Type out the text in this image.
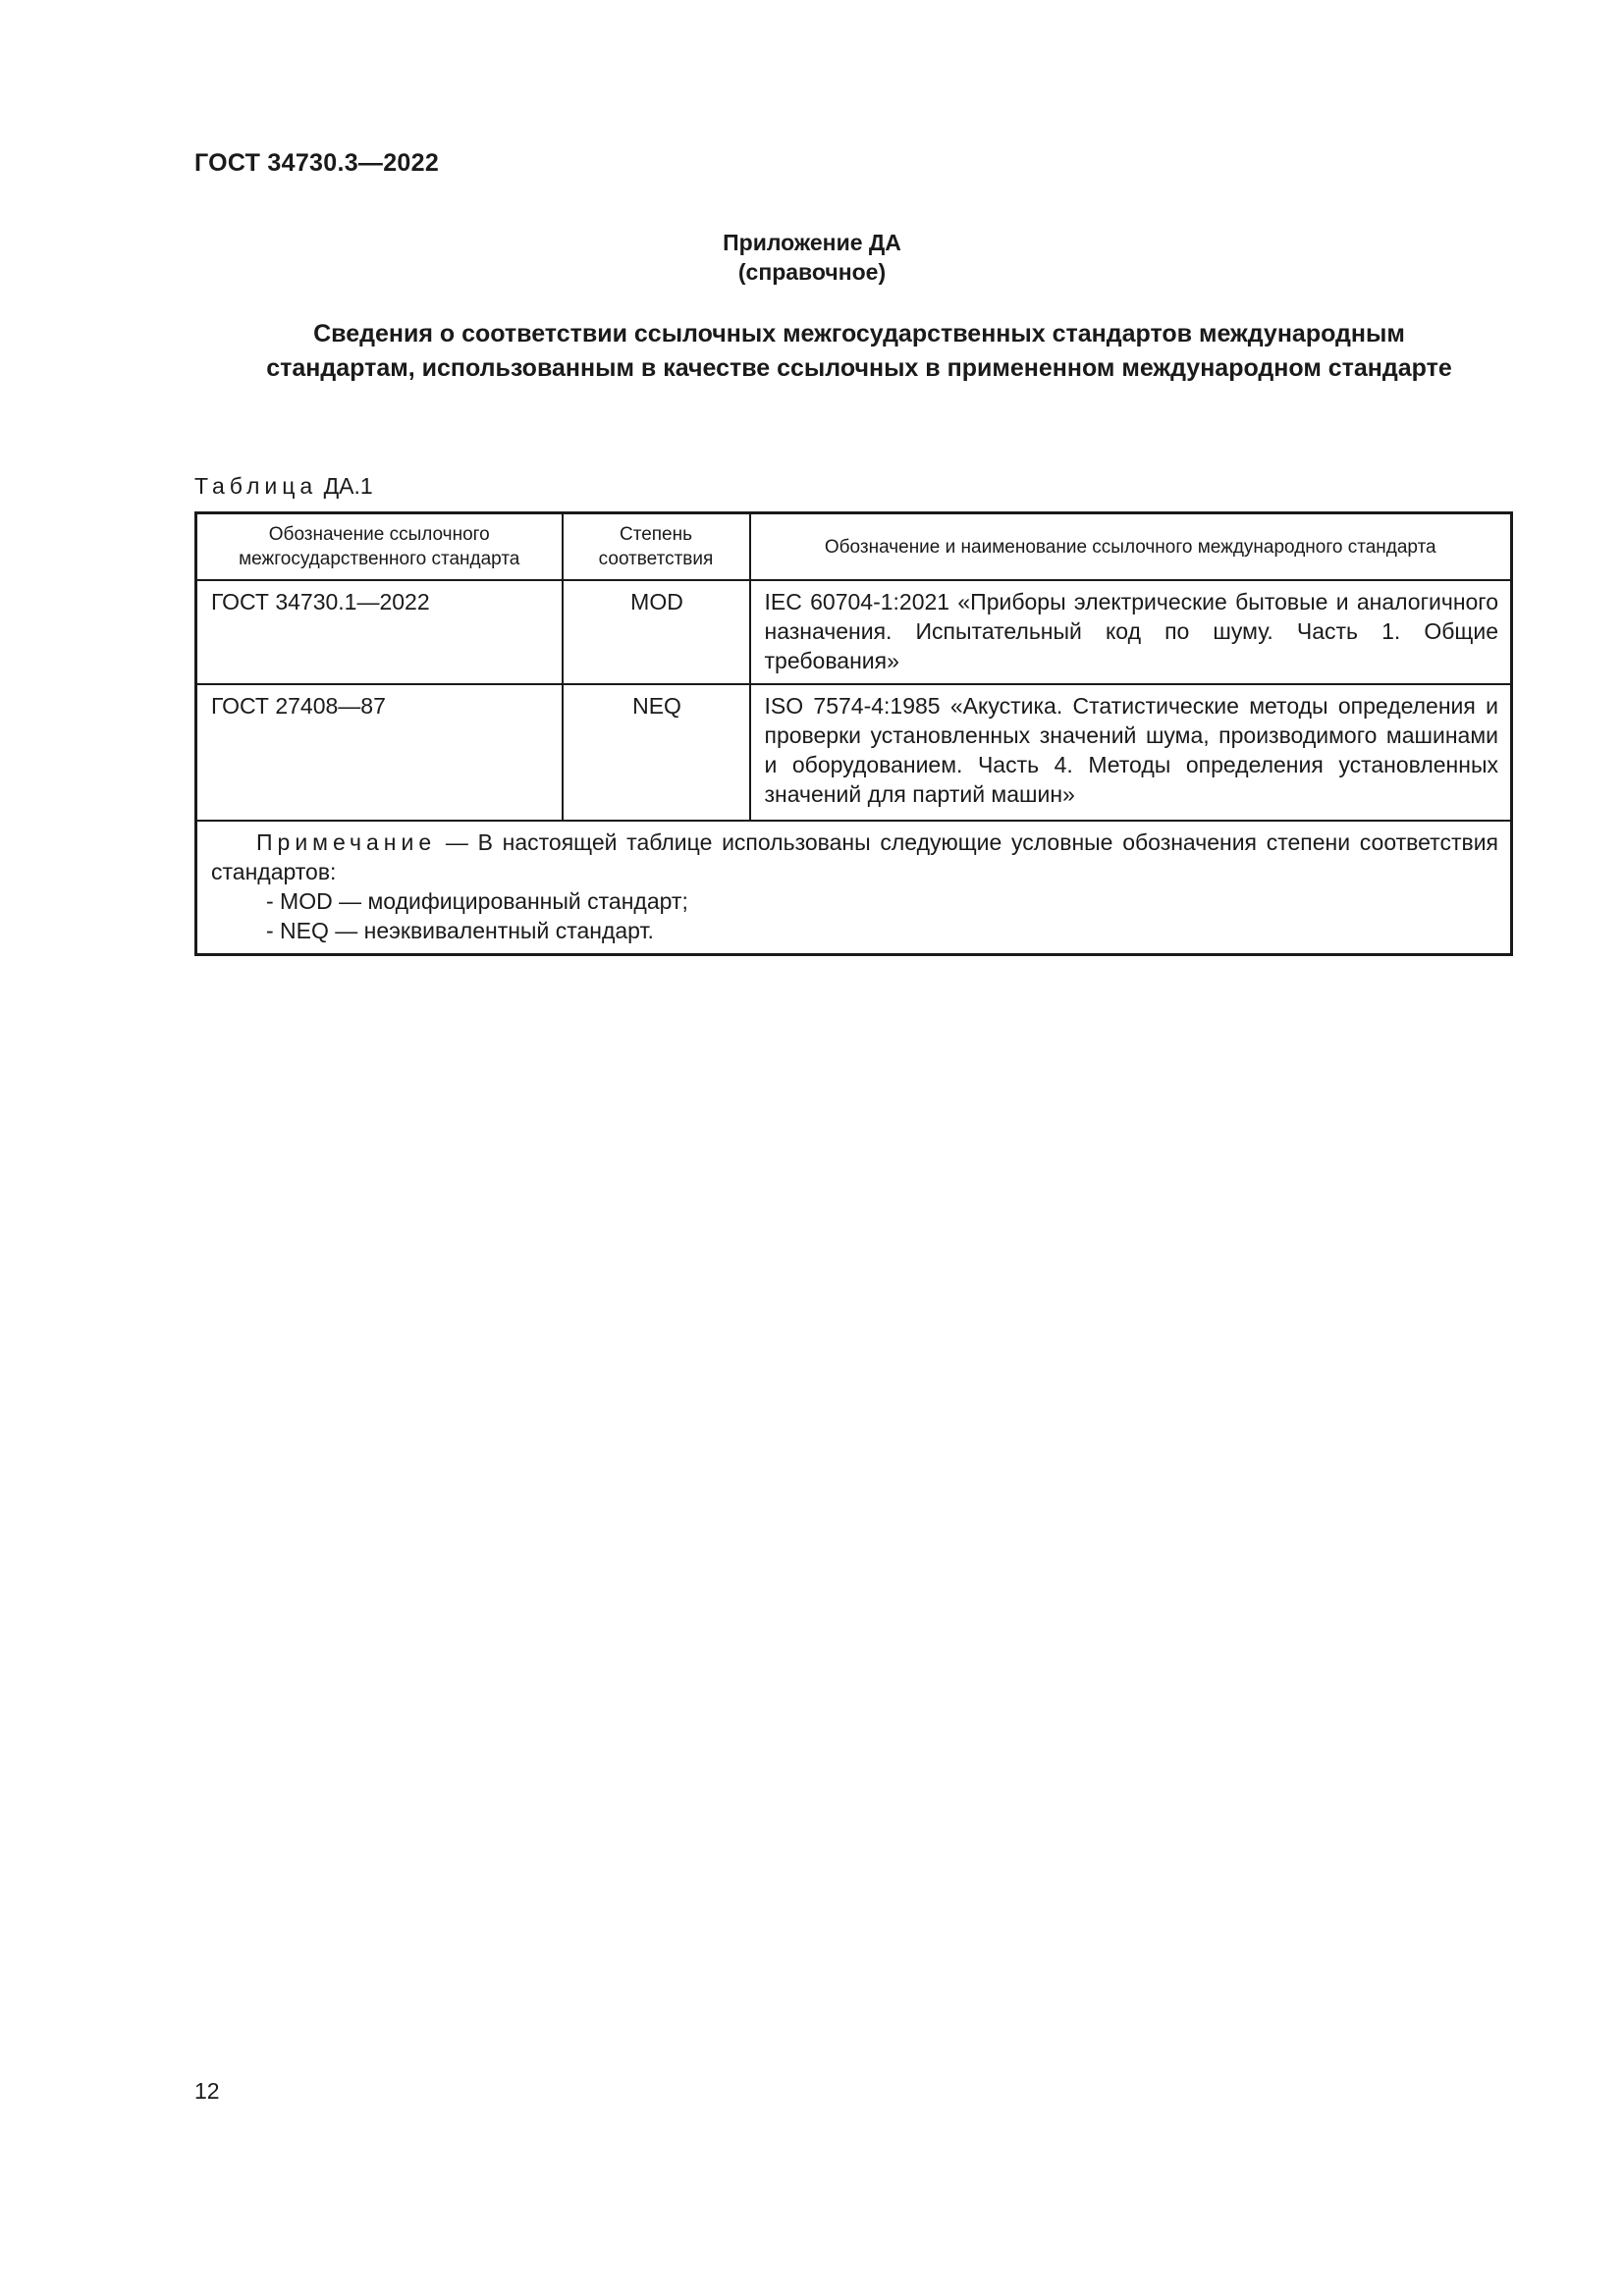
ГОСТ 34730.3—2022
Приложение ДА
(справочное)
Сведения о соответствии ссылочных межгосударственных стандартов международным стандартам, использованным в качестве ссылочных в примененном международном стандарте
Таблица ДА.1
Обозначение ссылочного межгосударственного стандарта	Степень соответствия	Обозначение и наименование ссылочного международного стандарта
ГОСТ 34730.1—2022	MOD	IEC 60704-1:2021 «Приборы электрические бытовые и аналогичного назначения. Испытательный код по шуму. Часть 1. Общие требования»
ГОСТ 27408—87	NEQ	ISO 7574-4:1985 «Акустика. Статистические методы определения и проверки установленных значений шума, производимого машинами и оборудованием. Часть 4. Методы определения установленных значений для партий машин»

Примечание — В настоящей таблице использованы следующие условные обозначения степени соответствия стандартов:
- MOD — модифицированный стандарт;
- NEQ — неэквивалентный стандарт.		
12
